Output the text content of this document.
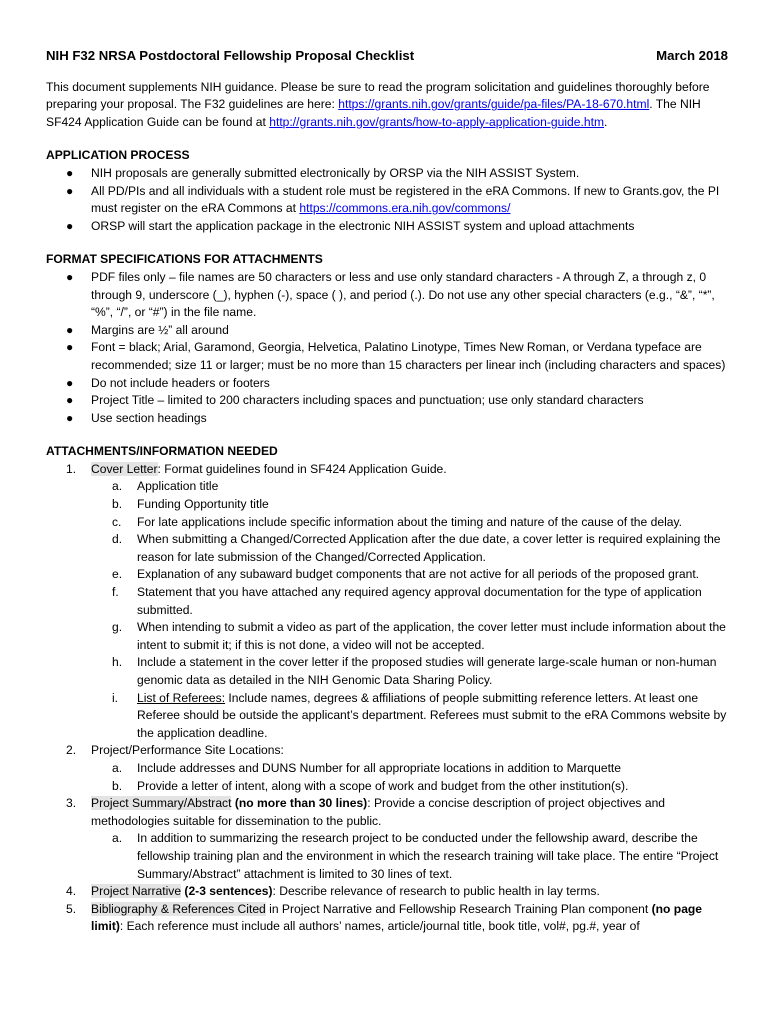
NIH F32 NRSA Postdoctoral Fellowship Proposal Checklist	March 2018
This document supplements NIH guidance. Please be sure to read the program solicitation and guidelines thoroughly before preparing your proposal. The F32 guidelines are here: https://grants.nih.gov/grants/guide/pa-files/PA-18-670.html. The NIH SF424 Application Guide can be found at http://grants.nih.gov/grants/how-to-apply-application-guide.htm.
APPLICATION PROCESS
● NIH proposals are generally submitted electronically by ORSP via the NIH ASSIST System.
● All PD/PIs and all individuals with a student role must be registered in the eRA Commons. If new to Grants.gov, the PI must register on the eRA Commons at https://commons.era.nih.gov/commons/
● ORSP will start the application package in the electronic NIH ASSIST system and upload attachments
FORMAT SPECIFICATIONS FOR ATTACHMENTS
● PDF files only – file names are 50 characters or less and use only standard characters - A through Z, a through z, 0 through 9, underscore (_), hyphen (-), space ( ), and period (.). Do not use any other special characters (e.g., “&”, “*”, “%”, “/”, or “#”) in the file name.
● Margins are ½” all around
● Font = black; Arial, Garamond, Georgia, Helvetica, Palatino Linotype, Times New Roman, or Verdana typeface are recommended; size 11 or larger; must be no more than 15 characters per linear inch (including characters and spaces)
● Do not include headers or footers
● Project Title – limited to 200 characters including spaces and punctuation; use only standard characters
● Use section headings
ATTACHMENTS/INFORMATION NEEDED
1. Cover Letter: Format guidelines found in SF424 Application Guide.
a. Application title
b. Funding Opportunity title
c. For late applications include specific information about the timing and nature of the cause of the delay.
d. When submitting a Changed/Corrected Application after the due date, a cover letter is required explaining the reason for late submission of the Changed/Corrected Application.
e. Explanation of any subaward budget components that are not active for all periods of the proposed grant.
f. Statement that you have attached any required agency approval documentation for the type of application submitted.
g. When intending to submit a video as part of the application, the cover letter must include information about the intent to submit it; if this is not done, a video will not be accepted.
h. Include a statement in the cover letter if the proposed studies will generate large-scale human or non-human genomic data as detailed in the NIH Genomic Data Sharing Policy.
i. List of Referees: Include names, degrees & affiliations of people submitting reference letters. At least one Referee should be outside the applicant’s department. Referees must submit to the eRA Commons website by the application deadline.
2. Project/Performance Site Locations:
a. Include addresses and DUNS Number for all appropriate locations in addition to Marquette
b. Provide a letter of intent, along with a scope of work and budget from the other institution(s).
3. Project Summary/Abstract (no more than 30 lines): Provide a concise description of project objectives and methodologies suitable for dissemination to the public.
a. In addition to summarizing the research project to be conducted under the fellowship award, describe the fellowship training plan and the environment in which the research training will take place. The entire “Project Summary/Abstract” attachment is limited to 30 lines of text.
4. Project Narrative (2-3 sentences): Describe relevance of research to public health in lay terms.
5. Bibliography & References Cited in Project Narrative and Fellowship Research Training Plan component (no page limit): Each reference must include all authors’ names, article/journal title, book title, vol#, pg.#, year of
